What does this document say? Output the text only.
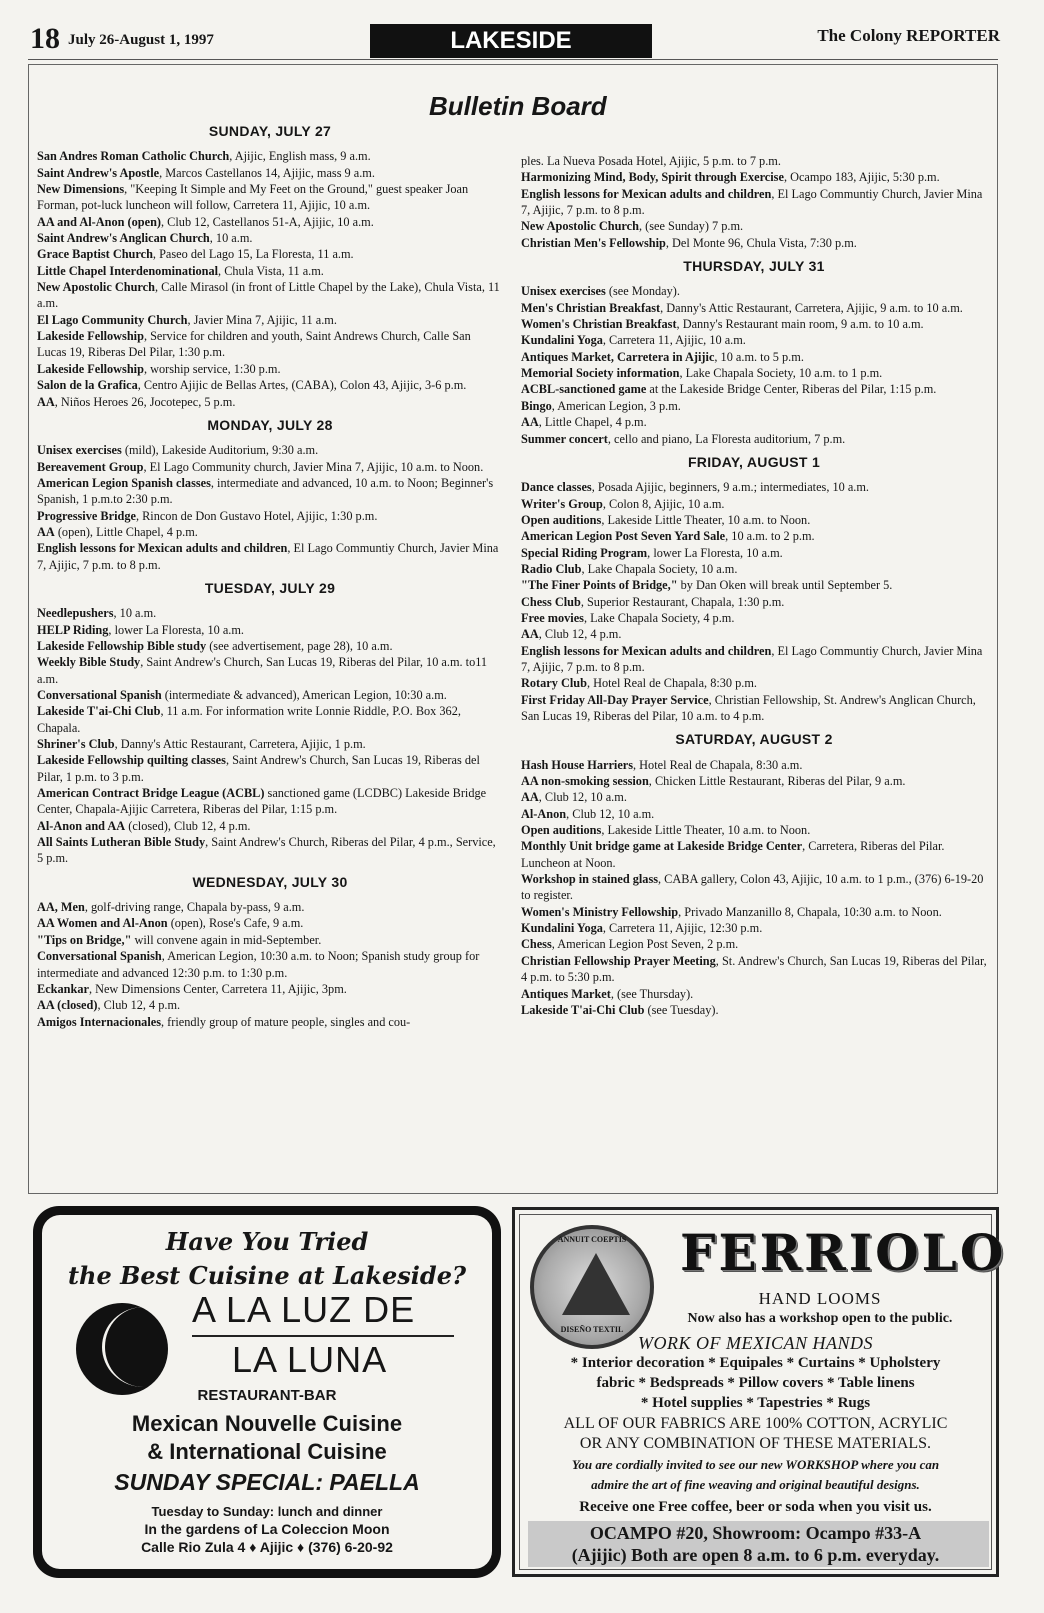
18 July 26-August 1, 1997	LAKESIDE	The Colony REPORTER
Bulletin Board
SUNDAY, JULY 27
San Andres Roman Catholic Church, Ajijic, English mass, 9 a.m.
Saint Andrew's Apostle, Marcos Castellanos 14, Ajijic, mass 9 a.m.
New Dimensions, "Keeping It Simple and My Feet on the Ground," guest speaker Joan Forman, pot-luck luncheon will follow, Carretera 11, Ajijic, 10 a.m.
AA and Al-Anon (open), Club 12, Castellanos 51-A, Ajijic, 10 a.m.
Saint Andrew's Anglican Church, 10 a.m.
Grace Baptist Church, Paseo del Lago 15, La Floresta, 11 a.m.
Little Chapel Interdenominational, Chula Vista, 11 a.m.
New Apostolic Church, Calle Mirasol (in front of Little Chapel by the Lake), Chula Vista, 11 a.m.
El Lago Community Church, Javier Mina 7, Ajijic, 11 a.m.
Lakeside Fellowship, Service for children and youth, Saint Andrews Church, Calle San Lucas 19, Riberas Del Pilar, 1:30 p.m.
Lakeside Fellowship, worship service, 1:30 p.m.
Salon de la Grafica, Centro Ajijic de Bellas Artes, (CABA), Colon 43, Ajijic, 3-6 p.m.
AA, Niños Heroes 26, Jocotepec, 5 p.m.
MONDAY, JULY 28
Unisex exercises (mild), Lakeside Auditorium, 9:30 a.m.
Bereavement Group, El Lago Community church, Javier Mina 7, Ajijic, 10 a.m. to Noon.
American Legion Spanish classes, intermediate and advanced, 10 a.m. to Noon; Beginner's Spanish, 1 p.m.to 2:30 p.m.
Progressive Bridge, Rincon de Don Gustavo Hotel, Ajijic, 1:30 p.m.
AA (open), Little Chapel, 4 p.m.
English lessons for Mexican adults and children, El Lago Communtiy Church, Javier Mina 7, Ajijic, 7 p.m. to 8 p.m.
TUESDAY, JULY 29
Needlepushers, 10 a.m.
HELP Riding, lower La Floresta, 10 a.m.
Lakeside Fellowship Bible study (see advertisement, page 28), 10 a.m.
Weekly Bible Study, Saint Andrew's Church, San Lucas 19, Riberas del Pilar, 10 a.m. to11 a.m.
Conversational Spanish (intermediate & advanced), American Legion, 10:30 a.m.
Lakeside T'ai-Chi Club, 11 a.m. For information write Lonnie Riddle, P.O. Box 362, Chapala.
Shriner's Club, Danny's Attic Restaurant, Carretera, Ajijic, 1 p.m.
Lakeside Fellowship quilting classes, Saint Andrew's Church, San Lucas 19, Riberas del Pilar, 1 p.m. to 3 p.m.
American Contract Bridge League (ACBL) sanctioned game (LCDBC) Lakeside Bridge Center, Chapala-Ajijic Carretera, Riberas del Pilar, 1:15 p.m.
Al-Anon and AA (closed), Club 12, 4 p.m.
All Saints Lutheran Bible Study, Saint Andrew's Church, Riberas del Pilar, 4 p.m., Service, 5 p.m.
WEDNESDAY, JULY 30
AA, Men, golf-driving range, Chapala by-pass, 9 a.m.
AA Women and Al-Anon (open), Rose's Cafe, 9 a.m.
"Tips on Bridge," will convene again in mid-September.
Conversational Spanish, American Legion, 10:30 a.m. to Noon; Spanish study group for intermediate and advanced 12:30 p.m. to 1:30 p.m.
Eckankar, New Dimensions Center, Carretera 11, Ajijic, 3pm.
AA (closed), Club 12, 4 p.m.
Amigos Internacionales, friendly group of mature people, singles and cou-
ples. La Nueva Posada Hotel, Ajijic, 5 p.m. to 7 p.m.
Harmonizing Mind, Body, Spirit through Exercise, Ocampo 183, Ajijic, 5:30 p.m.
English lessons for Mexican adults and children, El Lago Communtiy Church, Javier Mina 7, Ajijic, 7 p.m. to 8 p.m.
New Apostolic Church, (see Sunday) 7 p.m.
Christian Men's Fellowship, Del Monte 96, Chula Vista, 7:30 p.m.
THURSDAY, JULY 31
Unisex exercises (see Monday).
Men's Christian Breakfast, Danny's Attic Restaurant, Carretera, Ajijic, 9 a.m. to 10 a.m.
Women's Christian Breakfast, Danny's Restaurant main room, 9 a.m. to 10 a.m.
Kundalini Yoga, Carretera 11, Ajijic, 10 a.m.
Antiques Market, Carretera in Ajijic, 10 a.m. to 5 p.m.
Memorial Society information, Lake Chapala Society, 10 a.m. to 1 p.m.
ACBL-sanctioned game at the Lakeside Bridge Center, Riberas del Pilar, 1:15 p.m.
Bingo, American Legion, 3 p.m.
AA, Little Chapel, 4 p.m.
Summer concert, cello and piano, La Floresta auditorium, 7 p.m.
FRIDAY, AUGUST 1
Dance classes, Posada Ajijic, beginners, 9 a.m.; intermediates, 10 a.m.
Writer's Group, Colon 8, Ajijic, 10 a.m.
Open auditions, Lakeside Little Theater, 10 a.m. to Noon.
American Legion Post Seven Yard Sale, 10 a.m. to 2 p.m.
Special Riding Program, lower La Floresta, 10 a.m.
Radio Club, Lake Chapala Society, 10 a.m.
"The Finer Points of Bridge," by Dan Oken will break until September 5.
Chess Club, Superior Restaurant, Chapala, 1:30 p.m.
Free movies, Lake Chapala Society, 4 p.m.
AA, Club 12, 4 p.m.
English lessons for Mexican adults and children, El Lago Communtiy Church, Javier Mina 7, Ajijic, 7 p.m. to 8 p.m.
Rotary Club, Hotel Real de Chapala, 8:30 p.m.
First Friday All-Day Prayer Service, Christian Fellowship, St. Andrew's Anglican Church, San Lucas 19, Riberas del Pilar, 10 a.m. to 4 p.m.
SATURDAY, AUGUST 2
Hash House Harriers, Hotel Real de Chapala, 8:30 a.m.
AA non-smoking session, Chicken Little Restaurant, Riberas del Pilar, 9 a.m.
AA, Club 12, 10 a.m.
Al-Anon, Club 12, 10 a.m.
Open auditions, Lakeside Little Theater, 10 a.m. to Noon.
Monthly Unit bridge game at Lakeside Bridge Center, Carretera, Riberas del Pilar. Luncheon at Noon.
Workshop in stained glass, CABA gallery, Colon 43, Ajijic, 10 a.m. to 1 p.m., (376) 6-19-20 to register.
Women's Ministry Fellowship, Privado Manzanillo 8, Chapala, 10:30 a.m. to Noon.
Kundalini Yoga, Carretera 11, Ajijic, 12:30 p.m.
Chess, American Legion Post Seven, 2 p.m.
Christian Fellowship Prayer Meeting, St. Andrew's Church, San Lucas 19, Riberas del Pilar, 4 p.m. to 5:30 p.m.
Antiques Market, (see Thursday).
Lakeside T'ai-Chi Club (see Tuesday).
Have You Tried
the Best Cuisine at Lakeside?
A LA LUZ DE
LA LUNA
RESTAURANT-BAR
Mexican Nouvelle Cuisine
& International Cuisine
SUNDAY SPECIAL: PAELLA
Tuesday to Sunday: lunch and dinner
In the gardens of La Coleccion Moon
Calle Rio Zula 4 ♦ Ajijic ♦ (376) 6-20-92
ANNUIT COEPTIS
DISEÑO TEXTIL
FERRIOLO
HAND LOOMS
Now also has a workshop open to the public.
WORK OF MEXICAN HANDS
* Interior decoration * Equipales * Curtains * Upholstery
fabric * Bedspreads * Pillow covers * Table linens
* Hotel supplies * Tapestries * Rugs
ALL OF OUR FABRICS ARE 100% COTTON, ACRYLIC
OR ANY COMBINATION OF THESE MATERIALS.
You are cordially invited to see our new WORKSHOP where you can
admire the art of fine weaving and original beautiful designs.
Receive one Free coffee, beer or soda when you visit us.
OCAMPO #20, Showroom: Ocampo #33-A
(Ajijic) Both are open 8 a.m. to 6 p.m. everyday.
